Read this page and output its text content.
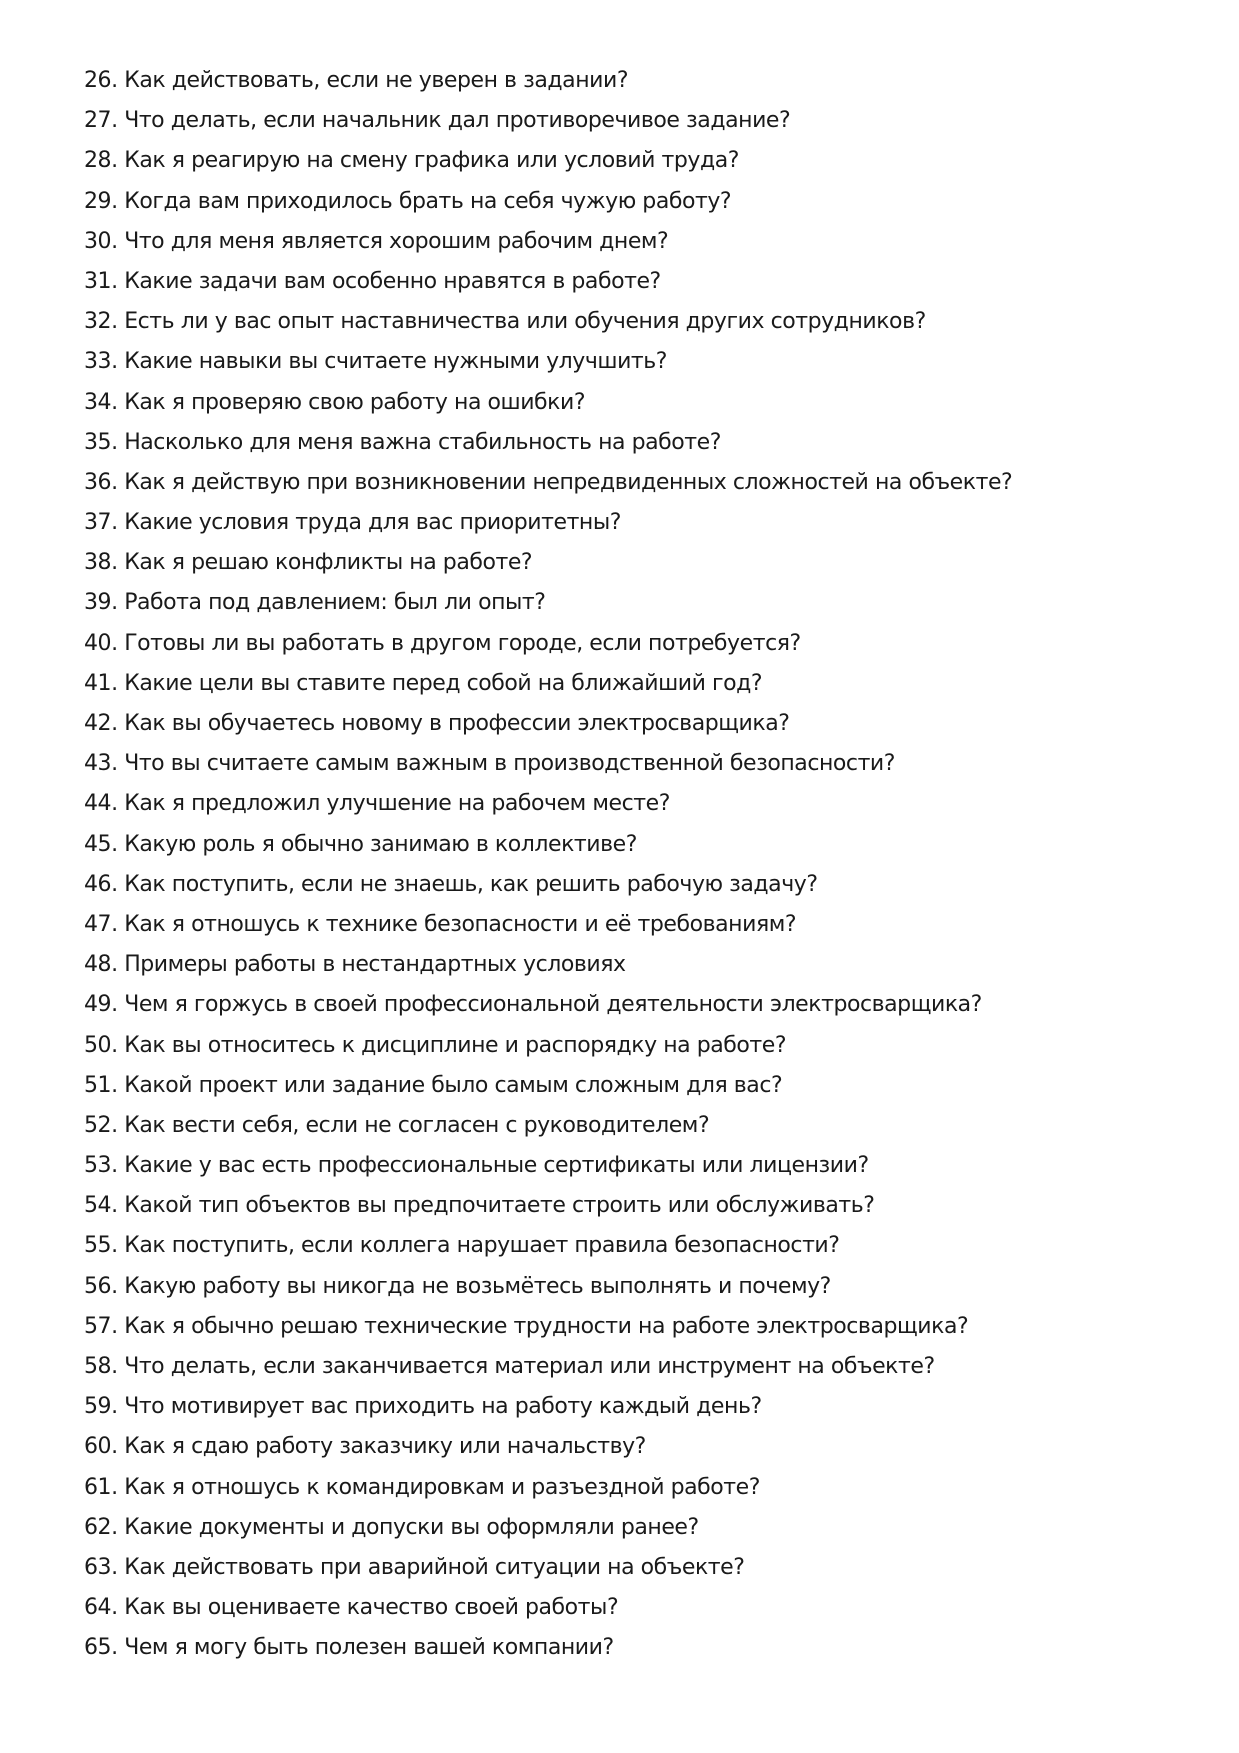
26. Как действовать, если не уверен в задании?
27. Что делать, если начальник дал противоречивое задание?
28. Как я реагирую на смену графика или условий труда?
29. Когда вам приходилось брать на себя чужую работу?
30. Что для меня является хорошим рабочим днем?
31. Какие задачи вам особенно нравятся в работе?
32. Есть ли у вас опыт наставничества или обучения других сотрудников?
33. Какие навыки вы считаете нужными улучшить?
34. Как я проверяю свою работу на ошибки?
35. Насколько для меня важна стабильность на работе?
36. Как я действую при возникновении непредвиденных сложностей на объекте?
37. Какие условия труда для вас приоритетны?
38. Как я решаю конфликты на работе?
39. Работа под давлением: был ли опыт?
40. Готовы ли вы работать в другом городе, если потребуется?
41. Какие цели вы ставите перед собой на ближайший год?
42. Как вы обучаетесь новому в профессии электросварщика?
43. Что вы считаете самым важным в производственной безопасности?
44. Как я предложил улучшение на рабочем месте?
45. Какую роль я обычно занимаю в коллективе?
46. Как поступить, если не знаешь, как решить рабочую задачу?
47. Как я отношусь к технике безопасности и её требованиям?
48. Примеры работы в нестандартных условиях
49. Чем я горжусь в своей профессиональной деятельности электросварщика?
50. Как вы относитесь к дисциплине и распорядку на работе?
51. Какой проект или задание было самым сложным для вас?
52. Как вести себя, если не согласен с руководителем?
53. Какие у вас есть профессиональные сертификаты или лицензии?
54. Какой тип объектов вы предпочитаете строить или обслуживать?
55. Как поступить, если коллега нарушает правила безопасности?
56. Какую работу вы никогда не возьмётесь выполнять и почему?
57. Как я обычно решаю технические трудности на работе электросварщика?
58. Что делать, если заканчивается материал или инструмент на объекте?
59. Что мотивирует вас приходить на работу каждый день?
60. Как я сдаю работу заказчику или начальству?
61. Как я отношусь к командировкам и разъездной работе?
62. Какие документы и допуски вы оформляли ранее?
63. Как действовать при аварийной ситуации на объекте?
64. Как вы оцениваете качество своей работы?
65. Чем я могу быть полезен вашей компании?
